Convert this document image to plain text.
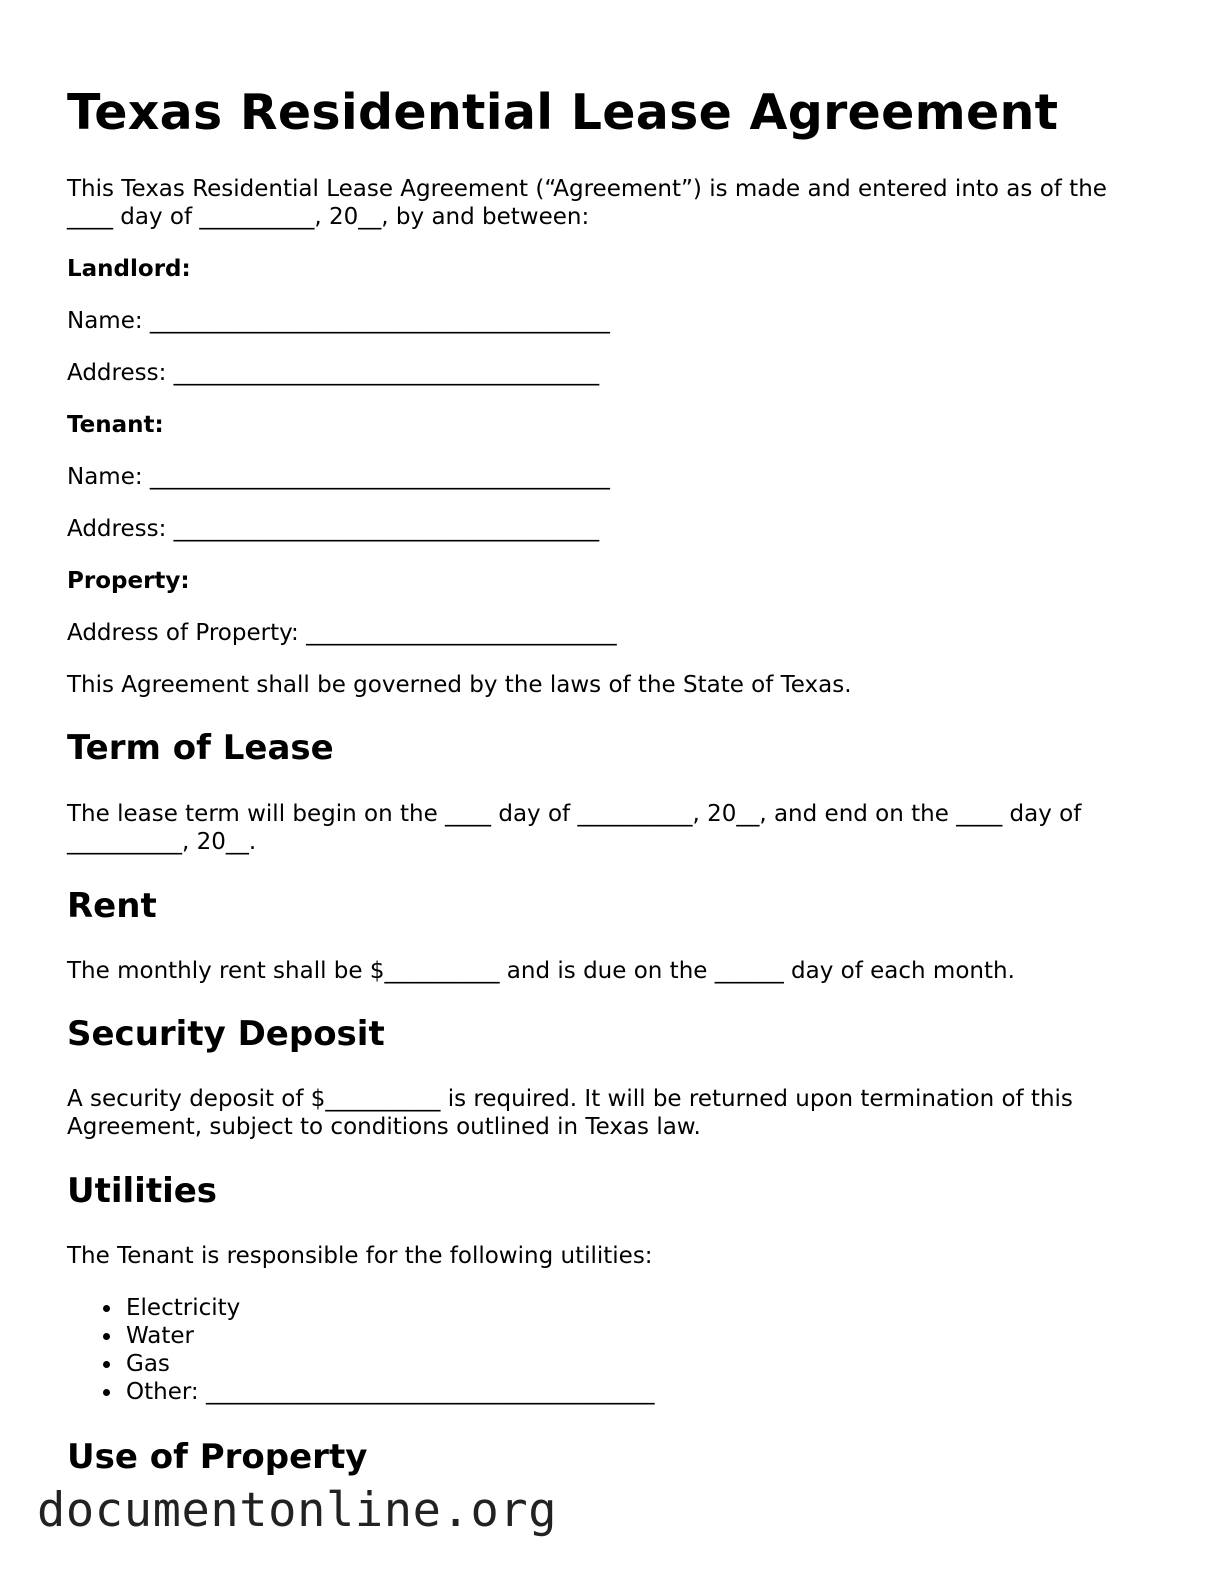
Texas Residential Lease Agreement

This Texas Residential Lease Agreement (“Agreement”) is made and entered into as of the

____ day of __________, 20__, by and between:

Landlord:

Name: ________________________________________

Address: _____________________________________

Tenant:

Name: ________________________________________

Address: _____________________________________

Property:

Address of Property: ___________________________

This Agreement shall be governed by the laws of the State of Texas.

Term of Lease

The lease term will begin on the ____ day of __________, 20__, and end on the ____ day of

__________, 20__.

Rent

The monthly rent shall be $__________ and is due on the ______ day of each month.

Security Deposit

A security deposit of $__________ is required. It will be returned upon termination of this

Agreement, subject to conditions outlined in Texas law.

Utilities

The Tenant is responsible for the following utilities:

Electricity
Water
Gas
Other: _______________________________________
Use of Property
documentonline.org
